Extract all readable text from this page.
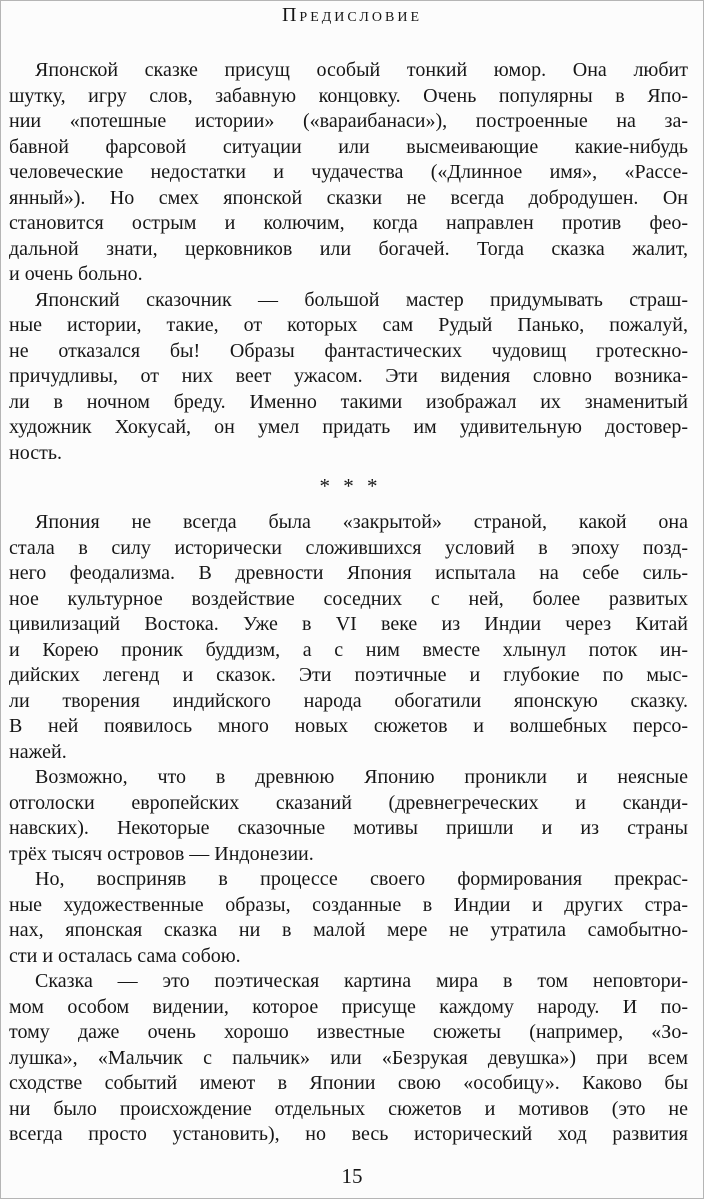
Предисловие
Японской сказке присущ особый тонкий юмор. Она любит
шутку, игру слов, забавную концовку. Очень популярны в Япо-
нии «потешные истории» («вараибанаси»), построенные на за-
бавной фарсовой ситуации или высмеивающие какие-нибудь
человеческие недостатки и чудачества («Длинное имя», «Рассе-
янный»). Но смех японской сказки не всегда добродушен. Он
становится острым и колючим, когда направлен против фео-
дальной знати, церковников или богачей. Тогда сказка жалит,
и очень больно.
Японский сказочник — большой мастер придумывать страш-
ные истории, такие, от которых сам Рудый Панько, пожалуй,
не отказался бы! Образы фантастических чудовищ гротескно-
причудливы, от них веет ужасом. Эти видения словно возника-
ли в ночном бреду. Именно такими изображал их знаменитый
художник Хокусай, он умел придать им удивительную достовер-
ность.
* * *
Япония не всегда была «закрытой» страной, какой она
стала в силу исторически сложившихся условий в эпоху позд-
него феодализма. В древности Япония испытала на себе силь-
ное культурное воздействие соседних с ней, более развитых
цивилизаций Востока. Уже в VI веке из Индии через Китай
и Корею проник буддизм, а с ним вместе хлынул поток ин-
дийских легенд и сказок. Эти поэтичные и глубокие по мыс-
ли творения индийского народа обогатили японскую сказку.
В ней появилось много новых сюжетов и волшебных персо-
нажей.
Возможно, что в древнюю Японию проникли и неясные
отголоски европейских сказаний (древнегреческих и сканди-
навских). Некоторые сказочные мотивы пришли и из страны
трёх тысяч островов — Индонезии.
Но, восприняв в процессе своего формирования прекрас-
ные художественные образы, созданные в Индии и других стра-
нах, японская сказка ни в малой мере не утратила самобытно-
сти и осталась сама собою.
Сказка — это поэтическая картина мира в том неповтори-
мом особом видении, которое присуще каждому народу. И по-
тому даже очень хорошо известные сюжеты (например, «Зо-
лушка», «Мальчик с пальчик» или «Безрукая девушка») при всем
сходстве событий имеют в Японии свою «особицу». Каково бы
ни было происхождение отдельных сюжетов и мотивов (это не
всегда просто установить), но весь исторический ход развития
15
